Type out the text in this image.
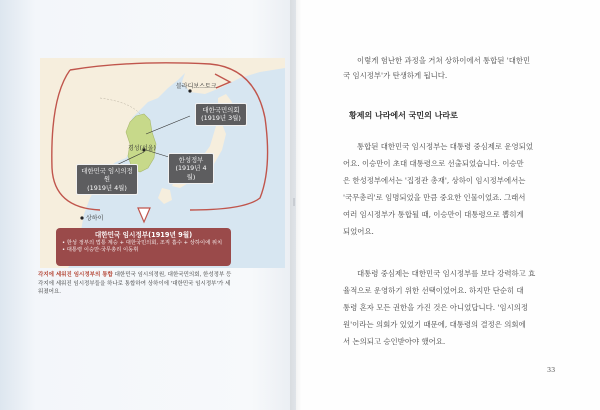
블라디보스토크
대한국민의회
(1919년 3월)
경성(서울)
한성정부
(1919년 4월)
대한민국 임시의정원
(1919년 4월)
상하이
대한민국 임시정부(1919년 9월)
• 한성 정부의 법통 계승 + 대한국민의회, 조직 흡수 + 상하이에 위치
• 대통령 이승만·국무총리 이동휘
각지에 세워진 임시정부의 통합 대한민국 임시의정원, 대한국민의회, 한성정부 등
각지에 세워진 임시정부들을 하나로 통합하여 상하이에 '대한민국 임시정부'가 세
워졌어요.
이렇게 험난한 과정을 거쳐 상하이에서 통합된 '대한민
국 임시정부'가 탄생하게 됩니다.
황제의 나라에서 국민의 나라로
통합된 대한민국 임시정부는 대통령 중심제로 운영되었
어요. 이승만이 초대 대통령으로 선출되었습니다. 이승만
은 한성정부에서는 '집정관 총재', 상하이 임시정부에서는
'국무총리'로 임명되었을 만큼 중요한 인물이었죠. 그래서
여러 임시정부가 통합될 때, 이승만이 대통령으로 뽑히게
되었어요.
대통령 중심제는 대한민국 임시정부를 보다 강력하고 효
율적으로 운영하기 위한 선택이었어요. 하지만 단순히 대
통령 혼자 모든 권한을 가진 것은 아니었답니다. '임시의정
원'이라는 의회가 있었기 때문에, 대통령의 결정은 의회에
서 논의되고 승인받아야 했어요.
33
